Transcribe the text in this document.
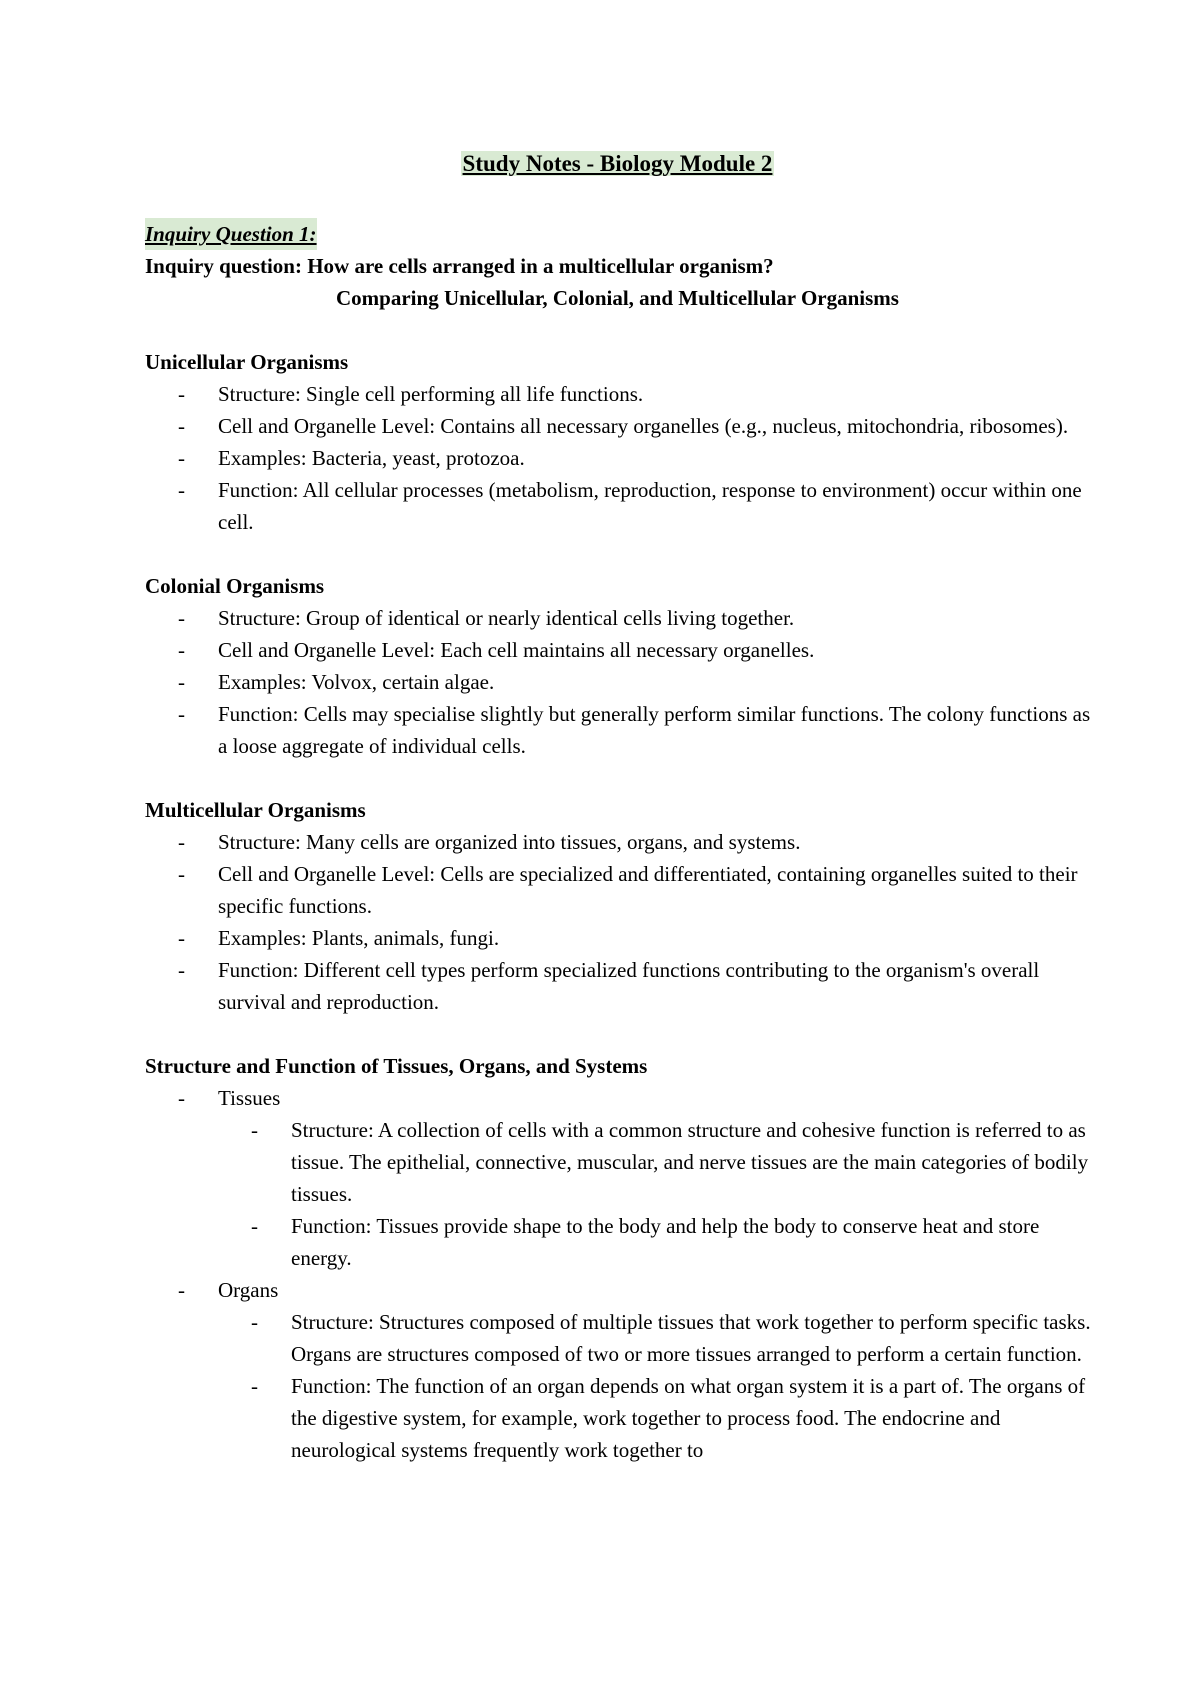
Study Notes - Biology Module 2
Inquiry Question 1:
Inquiry question: How are cells arranged in a multicellular organism?
Comparing Unicellular, Colonial, and Multicellular Organisms
Unicellular Organisms
- Structure: Single cell performing all life functions.
- Cell and Organelle Level: Contains all necessary organelles (e.g., nucleus, mitochondria, ribosomes).
- Examples: Bacteria, yeast, protozoa.
- Function: All cellular processes (metabolism, reproduction, response to environment) occur within one cell.
Colonial Organisms
- Structure: Group of identical or nearly identical cells living together.
- Cell and Organelle Level: Each cell maintains all necessary organelles.
- Examples: Volvox, certain algae.
- Function: Cells may specialise slightly but generally perform similar functions. The colony functions as a loose aggregate of individual cells.
Multicellular Organisms
- Structure: Many cells are organized into tissues, organs, and systems.
- Cell and Organelle Level: Cells are specialized and differentiated, containing organelles suited to their specific functions.
- Examples: Plants, animals, fungi.
- Function: Different cell types perform specialized functions contributing to the organism's overall survival and reproduction.
Structure and Function of Tissues, Organs, and Systems
- Tissues
- Structure: A collection of cells with a common structure and cohesive function is referred to as tissue. The epithelial, connective, muscular, and nerve tissues are the main categories of bodily tissues.
- Function: Tissues provide shape to the body and help the body to conserve heat and store energy.
- Organs
- Structure: Structures composed of multiple tissues that work together to perform specific tasks. Organs are structures composed of two or more tissues arranged to perform a certain function.
- Function: The function of an organ depends on what organ system it is a part of. The organs of the digestive system, for example, work together to process food. The endocrine and neurological systems frequently work together to
